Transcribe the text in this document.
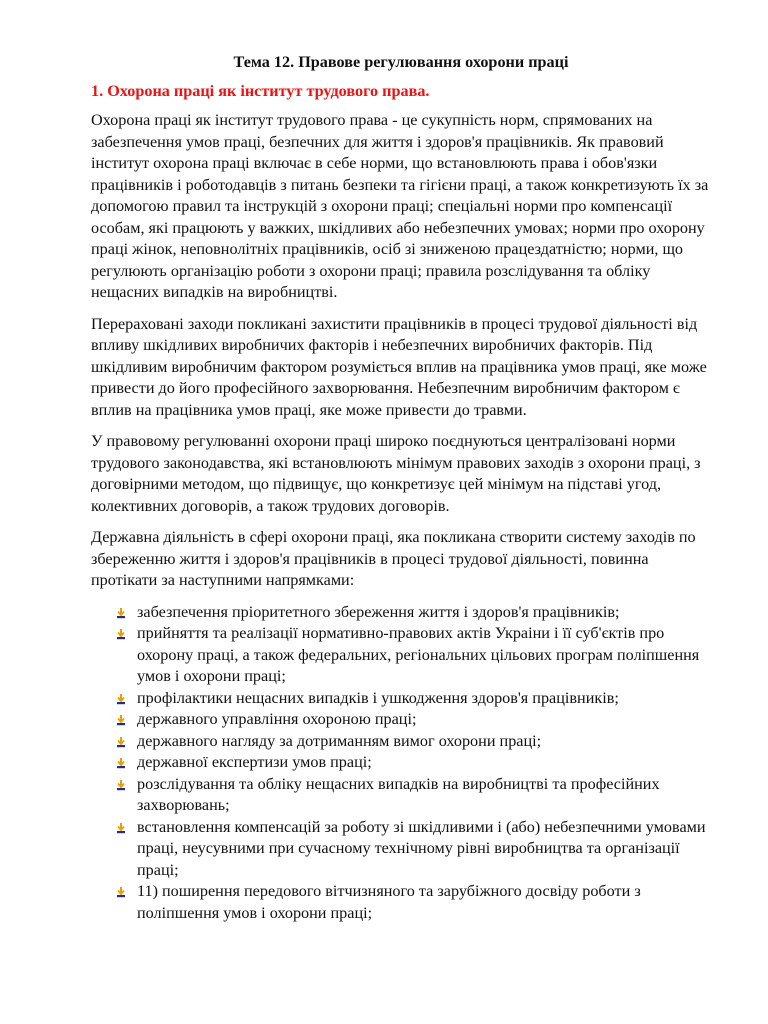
Тема 12. Правове регулювання охорони праці
1. Охорона праці як інститут трудового права.

Охорона праці як інститут трудового права - це сукупність норм, спрямованих на забезпечення умов праці, безпечних для життя і здоров'я працівників. Як правовий інститут охорона праці включає в себе норми, що встановлюють права і обов'язки працівників і роботодавців з питань безпеки та гігієни праці, а також конкретизують їх за допомогою правил та інструкцій з охорони праці; спеціальні норми про компенсації особам, які працюють у важких, шкідливих або небезпечних умовах; норми про охорону праці жінок, неповнолітніх працівників, осіб зі зниженою працездатністю; норми, що регулюють організацію роботи з охорони праці; правила розслідування та обліку нещасних випадків на виробництві.

Перераховані заходи покликані захистити працівників в процесі трудової діяльності від впливу шкідливих виробничих факторів і небезпечних виробничих факторів. Під шкідливим виробничим фактором розуміється вплив на працівника умов праці, яке може привести до його професійного захворювання. Небезпечним виробничим фактором є вплив на працівника умов праці, яке може привести до травми.

У правовому регулюванні охорони праці широко поєднуються централізовані норми трудового законодавства, які встановлюють мінімум правових заходів з охорони праці, з договірними методом, що підвищує, що конкретизує цей мінімум на підставі угод, колективних договорів, а також трудових договорів.

Державна діяльність в сфері охорони праці, яка покликана створити систему заходів по збереженню життя і здоров'я працівників в процесі трудової діяльності, повинна протікати за наступними напрямками:

забезпечення пріоритетного збереження життя і здоров'я працівників;
прийняття та реалізації нормативно-правових актів Украіни і її суб'єктів про охорону праці, а також федеральних, регіональних цільових програм поліпшення умов і охорони праці;
профілактики нещасних випадків і ушкодження здоров'я працівників;
державного управління охороною праці;
державного нагляду за дотриманням вимог охорони праці;
державної експертизи умов праці;
розслідування та обліку нещасних випадків на виробництві та професійних захворювань;
встановлення компенсацій за роботу зі шкідливими і (або) небезпечними умовами праці, неусувними при сучасному технічному рівні виробництва та організації праці;
11) поширення передового вітчизняного та зарубіжного досвіду роботи з поліпшення умов і охорони праці;
